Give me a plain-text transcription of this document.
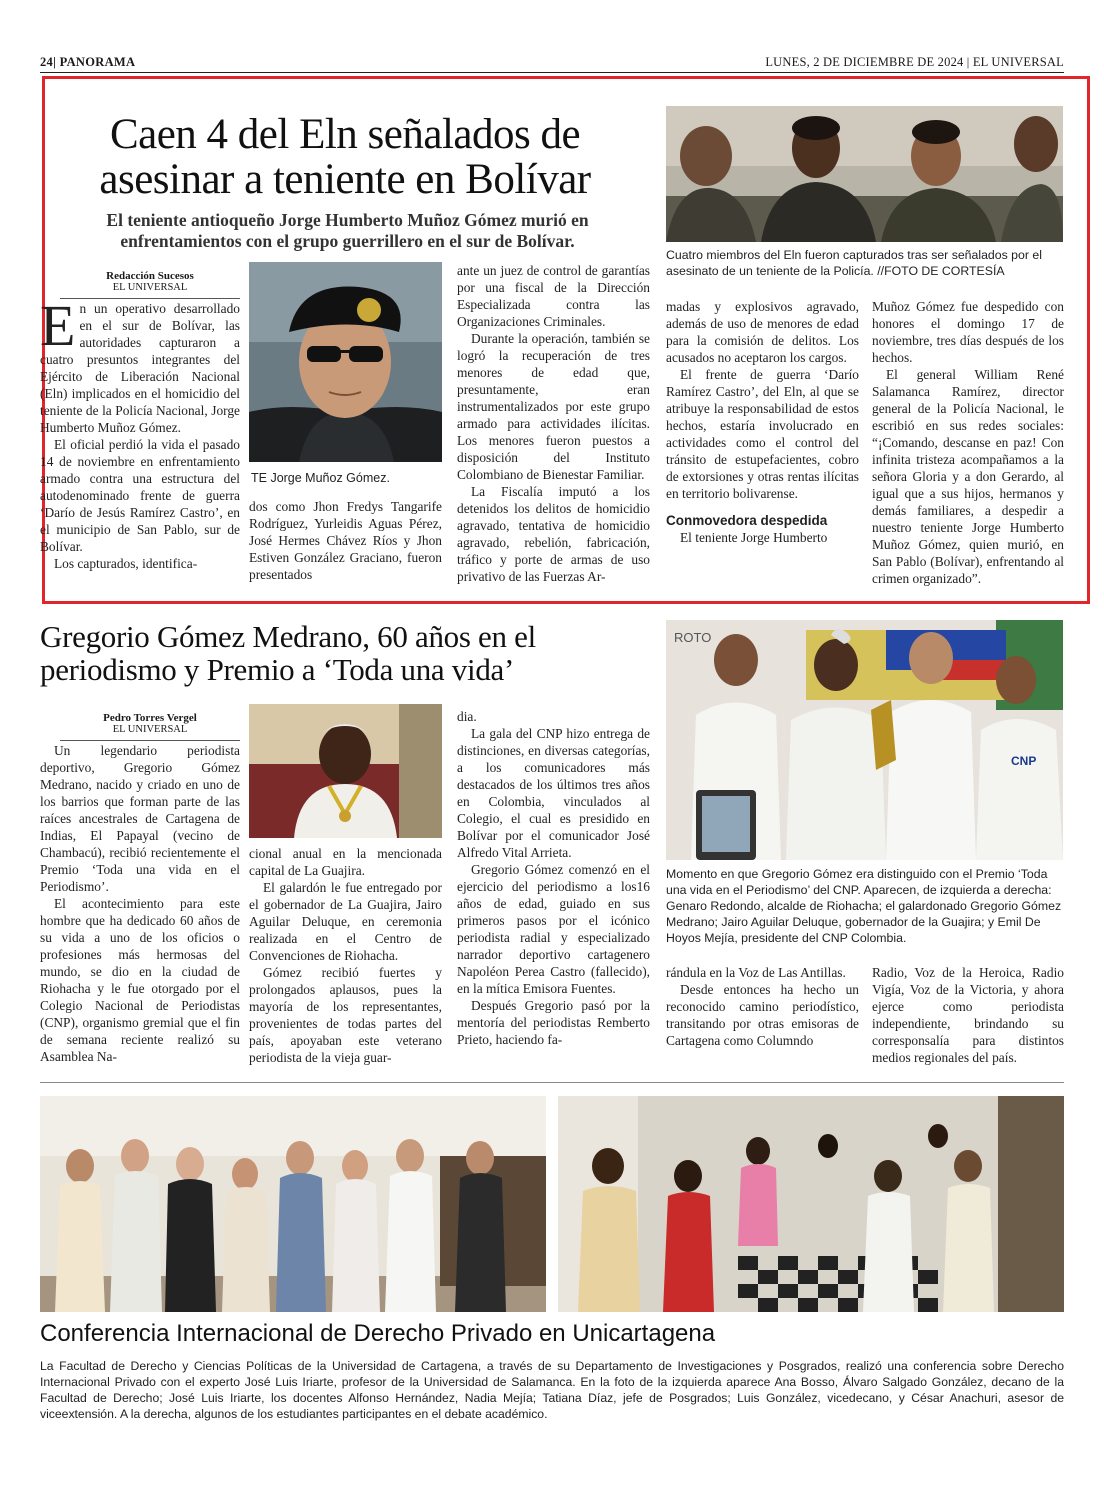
24| PANORAMA	LUNES, 2 DE DICIEMBRE DE 2024 | EL UNIVERSAL
Caen 4 del Eln señalados de asesinar a teniente en Bolívar
El teniente antioqueño Jorge Humberto Muñoz Gómez murió en enfrentamientos con el grupo guerrillero en el sur de Bolívar.
Cuatro miembros del Eln fueron capturados tras ser señalados por el asesinato de un teniente de la Policía. //FOTO DE CORTESÍA
Redacción Sucesos
EL UNIVERSAL

En un operativo desarrollado en el sur de Bolívar, las autoridades capturaron a cuatro presuntos integrantes del Ejército de Liberación Nacional (Eln) implicados en el homicidio del teniente de la Policía Nacional, Jorge Humberto Muñoz Gómez.

El oficial perdió la vida el pasado 14 de noviembre en enfrentamiento armado contra una estructura del autodenominado frente de guerra ‘Darío de Jesús Ramírez Castro’, en el municipio de San Pablo, sur de Bolívar.

Los capturados, identifica-

TE Jorge Muñoz Gómez.

dos como Jhon Fredys Tangarife Rodríguez, Yurleidis Aguas Pérez, José Hermes Chávez Ríos y Jhon Estiven González Graciano, fueron presentados

ante un juez de control de garantías por una fiscal de la Dirección Especializada contra las Organizaciones Criminales.

Durante la operación, también se logró la recuperación de tres menores de edad que, presuntamente, eran instrumentalizados por este grupo armado para actividades ilícitas. Los menores fueron puestos a disposición del Instituto Colombiano de Bienestar Familiar.

La Fiscalía imputó a los detenidos los delitos de homicidio agravado, tentativa de homicidio agravado, rebelión, fabricación, tráfico y porte de armas de uso privativo de las Fuerzas Ar-

madas y explosivos agravado, además de uso de menores de edad para la comisión de delitos. Los acusados no aceptaron los cargos.

El frente de guerra ‘Darío Ramírez Castro’, del Eln, al que se atribuye la responsabilidad de estos hechos, estaría involucrado en actividades como el control del tránsito de estupefacientes, cobro de extorsiones y otras rentas ilícitas en territorio bolivarense.

Conmovedora despedida

El teniente Jorge Humberto

Muñoz Gómez fue despedido con honores el domingo 17 de noviembre, tres días después de los hechos.

El general William René Salamanca Ramírez, director general de la Policía Nacional, le escribió en sus redes sociales: “¡Comando, descanse en paz! Con infinita tristeza acompañamos a la señora Gloria y a don Gerardo, al igual que a sus hijos, hermanos y demás familiares, a despedir a nuestro teniente Jorge Humberto Muñoz Gómez, quien murió, en San Pablo (Bolívar), enfrentando al crimen organizado”.

Gregorio Gómez Medrano, 60 años en el periodismo y Premio a ‘Toda una vida’
ROTO
CNP
Momento en que Gregorio Gómez era distinguido con el Premio ‘Toda una vida en el Periodismo’ del CNP. Aparecen, de izquierda a derecha: Genaro Redondo, alcalde de Riohacha; el galardonado Gregorio Gómez Medrano; Jairo Aguilar Deluque, gobernador de la Guajira; y Emil De Hoyos Mejía, presidente del CNP Colombia.
Pedro Torres Vergel
EL UNIVERSAL

Un legendario periodista deportivo, Gregorio Gómez Medrano, nacido y criado en uno de los barrios que forman parte de las raíces ancestrales de Cartagena de Indias, El Papayal (vecino de Chambacú), recibió recientemente el Premio ‘Toda una vida en el Periodismo’.

El acontecimiento para este hombre que ha dedicado 60 años de su vida a uno de los oficios o profesiones más hermosas del mundo, se dio en la ciudad de Riohacha y le fue otorgado por el Colegio Nacional de Periodistas (CNP), organismo gremial que el fin de semana reciente realizó su Asamblea Na-

cional anual en la mencionada capital de La Guajira.

El galardón le fue entregado por el gobernador de La Guajira, Jairo Aguilar Deluque, en ceremonia realizada en el Centro de Convenciones de Riohacha.

Gómez recibió fuertes y prolongados aplausos, pues la mayoría de los representantes, provenientes de todas partes del país, apoyaban este veterano periodista de la vieja guar-

dia.

La gala del CNP hizo entrega de distinciones, en diversas categorías, a los comunicadores más destacados de los últimos tres años en Colombia, vinculados al Colegio, el cual es presidido en Bolívar por el comunicador José Alfredo Vital Arrieta.

Gregorio Gómez comenzó en el ejercicio del periodismo a los16 años de edad, guiado en sus primeros pasos por el icónico periodista radial y especializado narrador deportivo cartagenero Napoléon Perea Castro (fallecido), en la mítica Emisora Fuentes.

Después Gregorio pasó por la mentoría del periodistas Remberto Prieto, haciendo fa-

rándula en la Voz de Las Antillas.

Desde entonces ha hecho un reconocido camino periodístico, transitando por otras emisoras de Cartagena como Columndo

Radio, Voz de la Heroica, Radio Vigía, Voz de la Victoria, y ahora ejerce como periodista independiente, brindando su corresponsalía para distintos medios regionales del país.

Conferencia Internacional de Derecho Privado en Unicartagena
La Facultad de Derecho y Ciencias Políticas de la Universidad de Cartagena, a través de su Departamento de Investigaciones y Posgrados, realizó una conferencia sobre Derecho Internacional Privado con el experto José Luis Iriarte, profesor de la Universidad de Salamanca. En la foto de la izquierda aparece Ana Bosso, Álvaro Salgado González, decano de la Facultad de Derecho; José Luis Iriarte, los docentes Alfonso Hernández, Nadia Mejía; Tatiana Díaz, jefe de Posgrados; Luis González, vicedecano, y César Anachuri, asesor de viceextensión. A la derecha, algunos de los estudiantes participantes en el debate académico.
